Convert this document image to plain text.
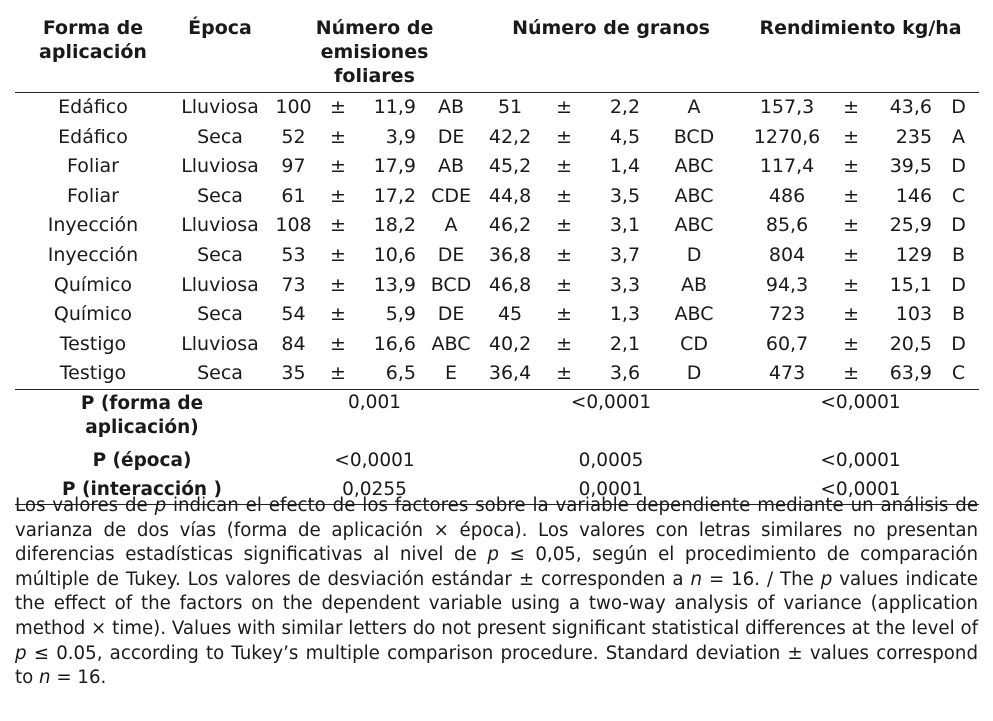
Forma de aplicación	Época	Número de emisiones foliares				Número de granos				Rendimiento kg/ha			
Edáfico	Lluviosa	100	±	11,9	AB	51	±	2,2	A	157,3	±	43,6	D
Edáfico	Seca	52	±	3,9	DE	42,2	±	4,5	BCD	1270,6	±	235	A
Foliar	Lluviosa	97	±	17,9	AB	45,2	±	1,4	ABC	117,4	±	39,5	D
Foliar	Seca	61	±	17,2	CDE	44,8	±	3,5	ABC	486	±	146	C
Inyección	Lluviosa	108	±	18,2	A	46,2	±	3,1	ABC	85,6	±	25,9	D
Inyección	Seca	53	±	10,6	DE	36,8	±	3,7	D	804	±	129	B
Químico	Lluviosa	73	±	13,9	BCD	46,8	±	3,3	AB	94,3	±	15,1	D
Químico	Seca	54	±	5,9	DE	45	±	1,3	ABC	723	±	103	B
Testigo	Lluviosa	84	±	16,6	ABC	40,2	±	2,1	CD	60,7	±	20,5	D
Testigo	Seca	35	±	6,5	E	36,4	±	3,6	D	473	±	63,9	C
P (forma de aplicación)		0,001				<0,0001				<0,0001			
P (época)		<0,0001				0,0005				<0,0001			
P (interacción )		0,0255				0,0001				<0,0001			
Los valores de p indican el efecto de los factores sobre la variable dependiente mediante un análisis de varianza de dos vías (forma de aplicación × época). Los valores con letras similares no presentan diferencias estadísticas significativas al nivel de p ≤ 0,05, según el procedimiento de comparación múltiple de Tukey. Los valores de desviación estándar ± corresponden a n = 16. / The p values indicate the effect of the factors on the dependent variable using a two-way analysis of variance (application method × time). Values with similar letters do not present significant statistical differences at the level of p ≤ 0.05, according to Tukey’s multiple comparison procedure. Standard deviation ± values correspond to n = 16.
